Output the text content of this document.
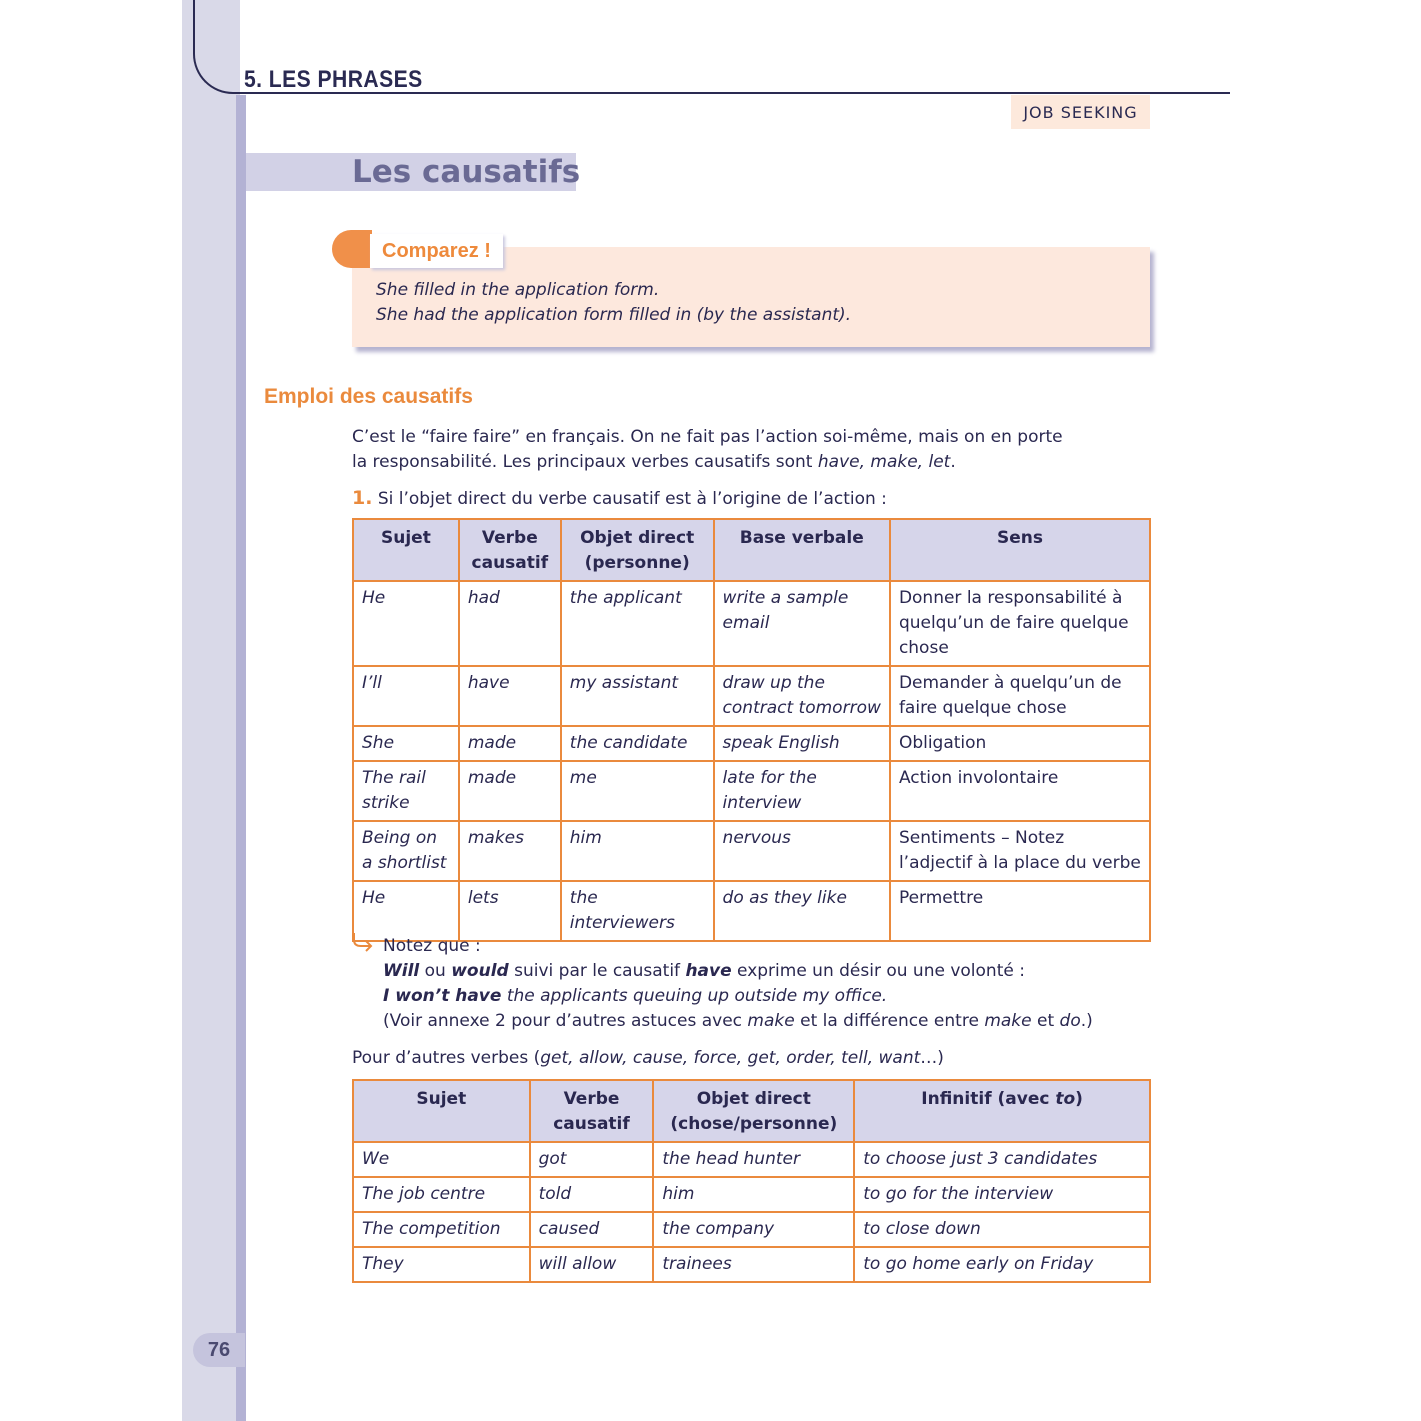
5. LES PHRASES
JOB SEEKING
Les causatifs
Comparez !
She filled in the application form.
She had the application form filled in (by the assistant).
Emploi des causatifs
C’est le “faire faire” en français. On ne fait pas l’action soi-même, mais on en porte
la responsabilité. Les principaux verbes causatifs sont have, make, let.
1. Si l’objet direct du verbe causatif est à l’origine de l’action :
Sujet	Verbe causatif	Objet direct (personne)	Base verbale	Sens
He	had	the applicant	write a sample email	Donner la responsabilité à quelqu’un de faire quelque chose
I’ll	have	my assistant	draw up the contract tomorrow	Demander à quelqu’un de faire quelque chose
She	made	the candidate	speak English	Obligation
The rail strike	made	me	late for the interview	Action involontaire
Being on a shortlist	makes	him	nervous	Sentiments – Notez l’adjectif à la place du verbe
He	lets	the interviewers	do as they like	Permettre
Notez que :
Will ou would suivi par le causatif have exprime un désir ou une volonté :
I won’t have the applicants queuing up outside my office.
(Voir annexe 2 pour d’autres astuces avec make et la différence entre make et do.)
Pour d’autres verbes (get, allow, cause, force, get, order, tell, want…)
Sujet	Verbe causatif	Objet direct (chose/personne)	Infinitif (avec to)
We	got	the head hunter	to choose just 3 candidates
The job centre	told	him	to go for the interview
The competition	caused	the company	to close down
They	will allow	trainees	to go home early on Friday
76
